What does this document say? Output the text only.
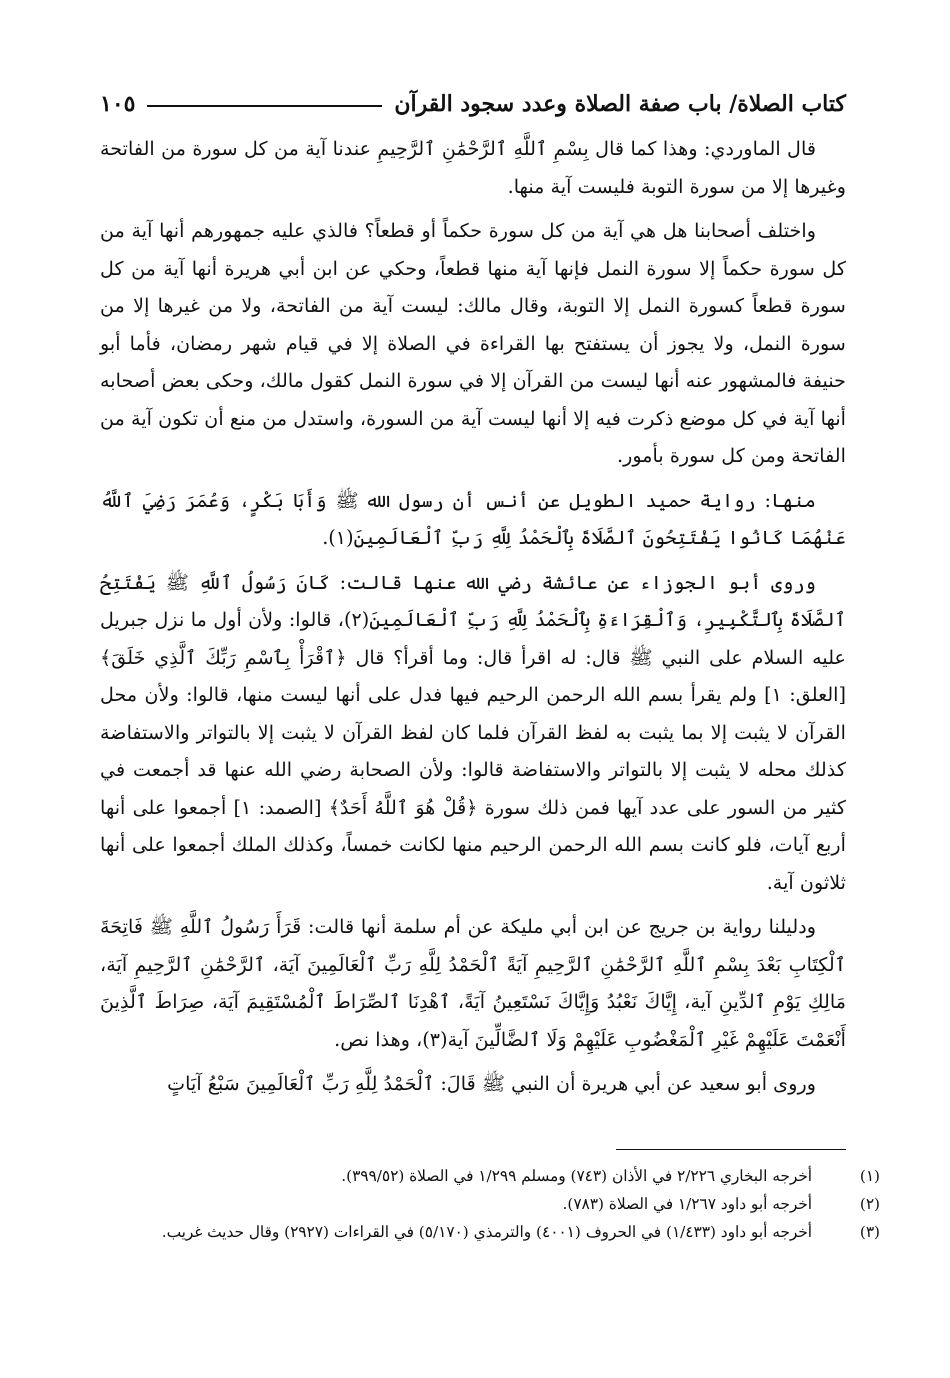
كتاب الصلاة/ باب صفة الصلاة وعدد سجود القرآن
١٠٥

قال الماوردي: وهذا كما قال بِسْمِ ٱللَّهِ ٱلرَّحْمَٰنِ ٱلرَّحِيمِ عندنا آية من كل سورة من الفاتحة وغيرها إلا من سورة التوبة فليست آية منها.

واختلف أصحابنا هل هي آية من كل سورة حكماً أو قطعاً؟ فالذي عليه جمهورهم أنها آية من كل سورة حكماً إلا سورة النمل فإنها آية منها قطعاً، وحكي عن ابن أبي هريرة أنها آية من كل سورة قطعاً كسورة النمل إلا التوبة، وقال مالك: ليست آية من الفاتحة، ولا من غيرها إلا من سورة النمل، ولا يجوز أن يستفتح بها القراءة في الصلاة إلا في قيام شهر رمضان، فأما أبو حنيفة فالمشهور عنه أنها ليست من القرآن إلا في سورة النمل كقول مالك، وحكى بعض أصحابه أنها آية في كل موضع ذكرت فيه إلا أنها ليست آية من السورة، واستدل من منع أن تكون آية من الفاتحة ومن كل سورة بأمور.

منها: رواية حميد الطويل عن أنس أن رسول الله ﷺ وَأَبَا بَكْرٍ، وَعُمَرَ رَضِيَ ٱللَّهُ عَنْهُمَا كَانُوا يَفْتَتِحُونَ ٱلصَّلَاةَ بِٱلْحَمْدُ لِلَّهِ رَبِّ ٱلْعَالَمِينَ(١).

وروى أبو الجوزاء عن عائشة رضي الله عنها قالت: كَانَ رَسُولُ ٱللَّهِ ﷺ يَفْتَتِحُ ٱلصَّلَاةَ بِٱلتَّكْبِيرِ، وَٱلْقِرَاءَةِ بِٱلْحَمْدُ لِلَّهِ رَبِّ ٱلْعَالَمِينَ(٢)، قالوا: ولأن أول ما نزل جبريل عليه السلام على النبي ﷺ قال: له اقرأ قال: وما أقرأ؟ قال ﴿ٱقْرَأْ بِٱسْمِ رَبِّكَ ٱلَّذِي خَلَقَ﴾ [العلق: ١] ولم يقرأ بسم الله الرحمن الرحيم فيها فدل على أنها ليست منها، قالوا: ولأن محل القرآن لا يثبت إلا بما يثبت به لفظ القرآن فلما كان لفظ القرآن لا يثبت إلا بالتواتر والاستفاضة كذلك محله لا يثبت إلا بالتواتر والاستفاضة قالوا: ولأن الصحابة رضي الله عنها قد أجمعت في كثير من السور على عدد آيها فمن ذلك سورة ﴿قُلْ هُوَ ٱللَّهُ أَحَدٌ﴾ [الصمد: ١] أجمعوا على أنها أربع آيات، فلو كانت بسم الله الرحمن الرحيم منها لكانت خمساً، وكذلك الملك أجمعوا على أنها ثلاثون آية.

ودليلنا رواية بن جريج عن ابن أبي مليكة عن أم سلمة أنها قالت: قَرَأَ رَسُولُ ٱللَّهِ ﷺ فَاتِحَةَ ٱلْكِتَابِ بَعْدَ بِسْمِ ٱللَّهِ ٱلرَّحْمَٰنِ ٱلرَّحِيمِ آيَةً ٱلْحَمْدُ لِلَّهِ رَبِّ ٱلْعَالَمِينَ آيَة، ٱلرَّحْمَٰنِ ٱلرَّحِيمِ آيَة، مَالِكِ يَوْمِ ٱلدِّينِ آية، إِيَّاكَ نَعْبُدُ وَإِيَّاكَ نَسْتَعِينُ آيَةً، ٱهْدِنَا ٱلصِّرَاطَ ٱلْمُسْتَقِيمَ آيَة، صِرَاطَ ٱلَّذِينَ أَنْعَمْتَ عَلَيْهِمْ غَيْرِ ٱلْمَغْضُوبِ عَلَيْهِمْ وَلَا ٱلضَّالِّينَ آية(٣)، وهذا نص.

وروى أبو سعيد عن أبي هريرة أن النبي ﷺ قَالَ: ٱلْحَمْدُ لِلَّهِ رَبِّ ٱلْعَالَمِينَ سَبْعُ آيَاتٍ

(١)أخرجه البخاري ٢/٢٢٦ في الأذان (٧٤٣) ومسلم ١/٢٩٩ في الصلاة (٣٩٩/٥٢).
(٢)أخرجه أبو داود ١/٢٦٧ في الصلاة (٧٨٣).
(٣)أخرجه أبو داود (١/٤٣٣) في الحروف (٤٠٠١) والترمذي (٥/١٧٠) في القراءات (٢٩٢٧) وقال حديث غريب.
